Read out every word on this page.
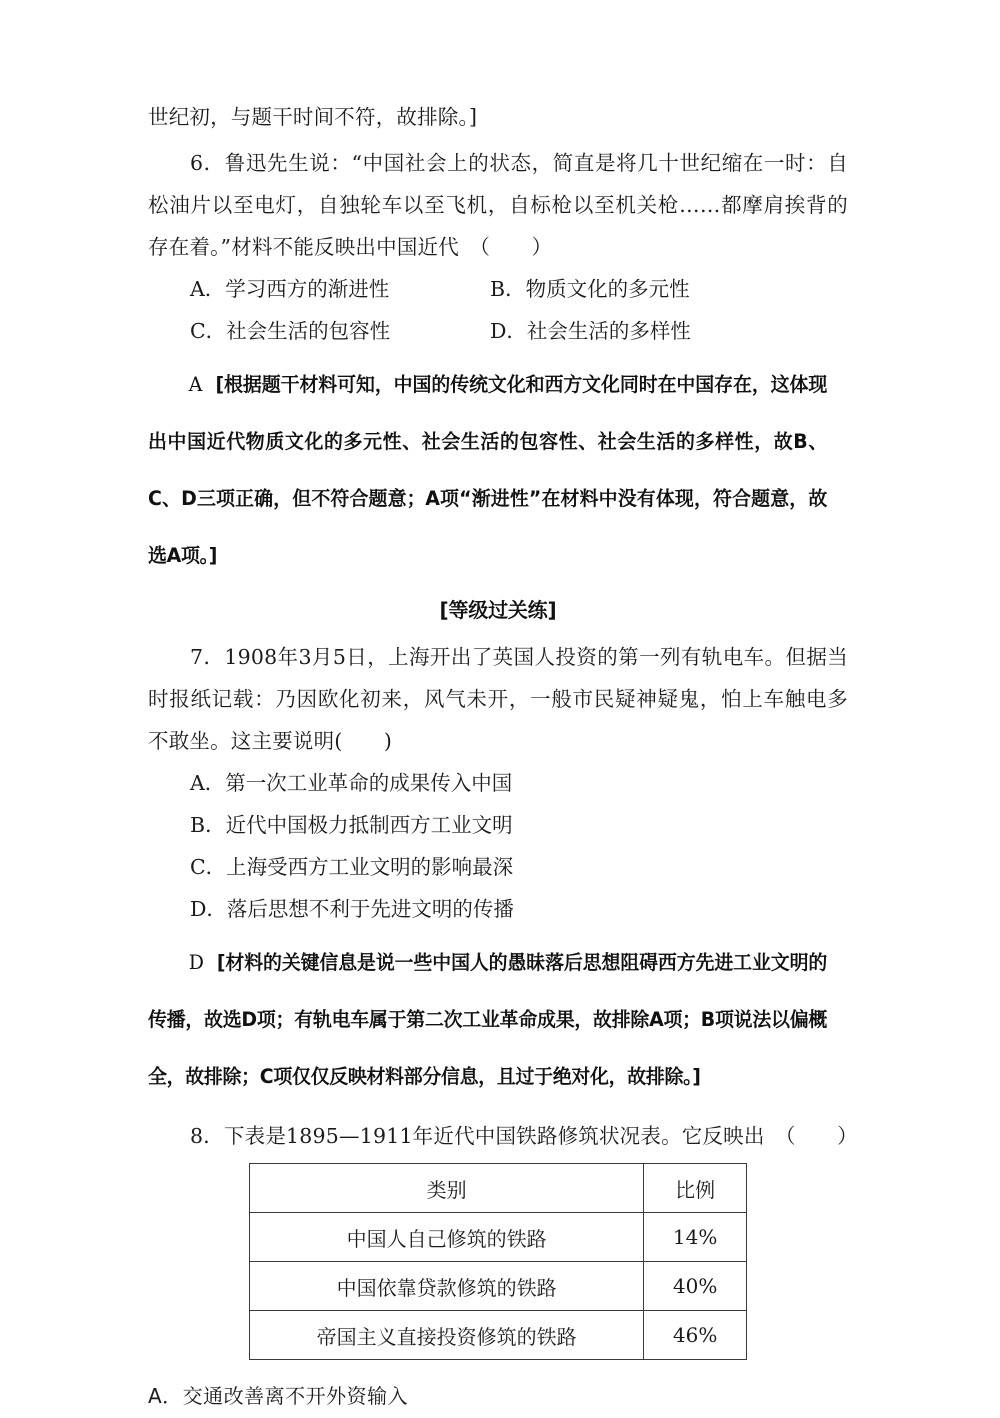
世纪初，与题干时间不符，故排除。]
6．鲁迅先生说：“中国社会上的状态，简直是将几十世纪缩在一时：自松油片以至电灯，自独轮车以至飞机，自标枪以至机关枪……都摩肩挨背的存在着。”材料不能反映出中国近代　（　　）
A．学习西方的渐进性	B．物质文化的多元性
C．社会生活的包容性	D．社会生活的多样性
A [根据题干材料可知，中国的传统文化和西方文化同时在中国存在，这体现出中国近代物质文化的多元性、社会生活的包容性、社会生活的多样性，故B、C、D三项正确，但不符合题意；A项“渐进性”在材料中没有体现，符合题意，故选A项。]
[等级过关练]
7．1908年3月5日，上海开出了英国人投资的第一列有轨电车。但据当时报纸记载：乃因欧化初来，风气未开，一般市民疑神疑鬼，怕上车触电多不敢坐。这主要说明(　　)
A．第一次工业革命的成果传入中国
B．近代中国极力抵制西方工业文明
C．上海受西方工业文明的影响最深
D．落后思想不利于先进文明的传播
D [材料的关键信息是说一些中国人的愚昧落后思想阻碍西方先进工业文明的传播，故选D项；有轨电车属于第二次工业革命成果，故排除A项；B项说法以偏概全，故排除；C项仅仅反映材料部分信息，且过于绝对化，故排除。]
8．下表是1895—1911年近代中国铁路修筑状况表。它反映出　（　　）
类别	比例
中国人自己修筑的铁路	14%
中国依靠贷款修筑的铁路	40%
帝国主义直接投资修筑的铁路	46%
A．交通改善离不开外资输入
